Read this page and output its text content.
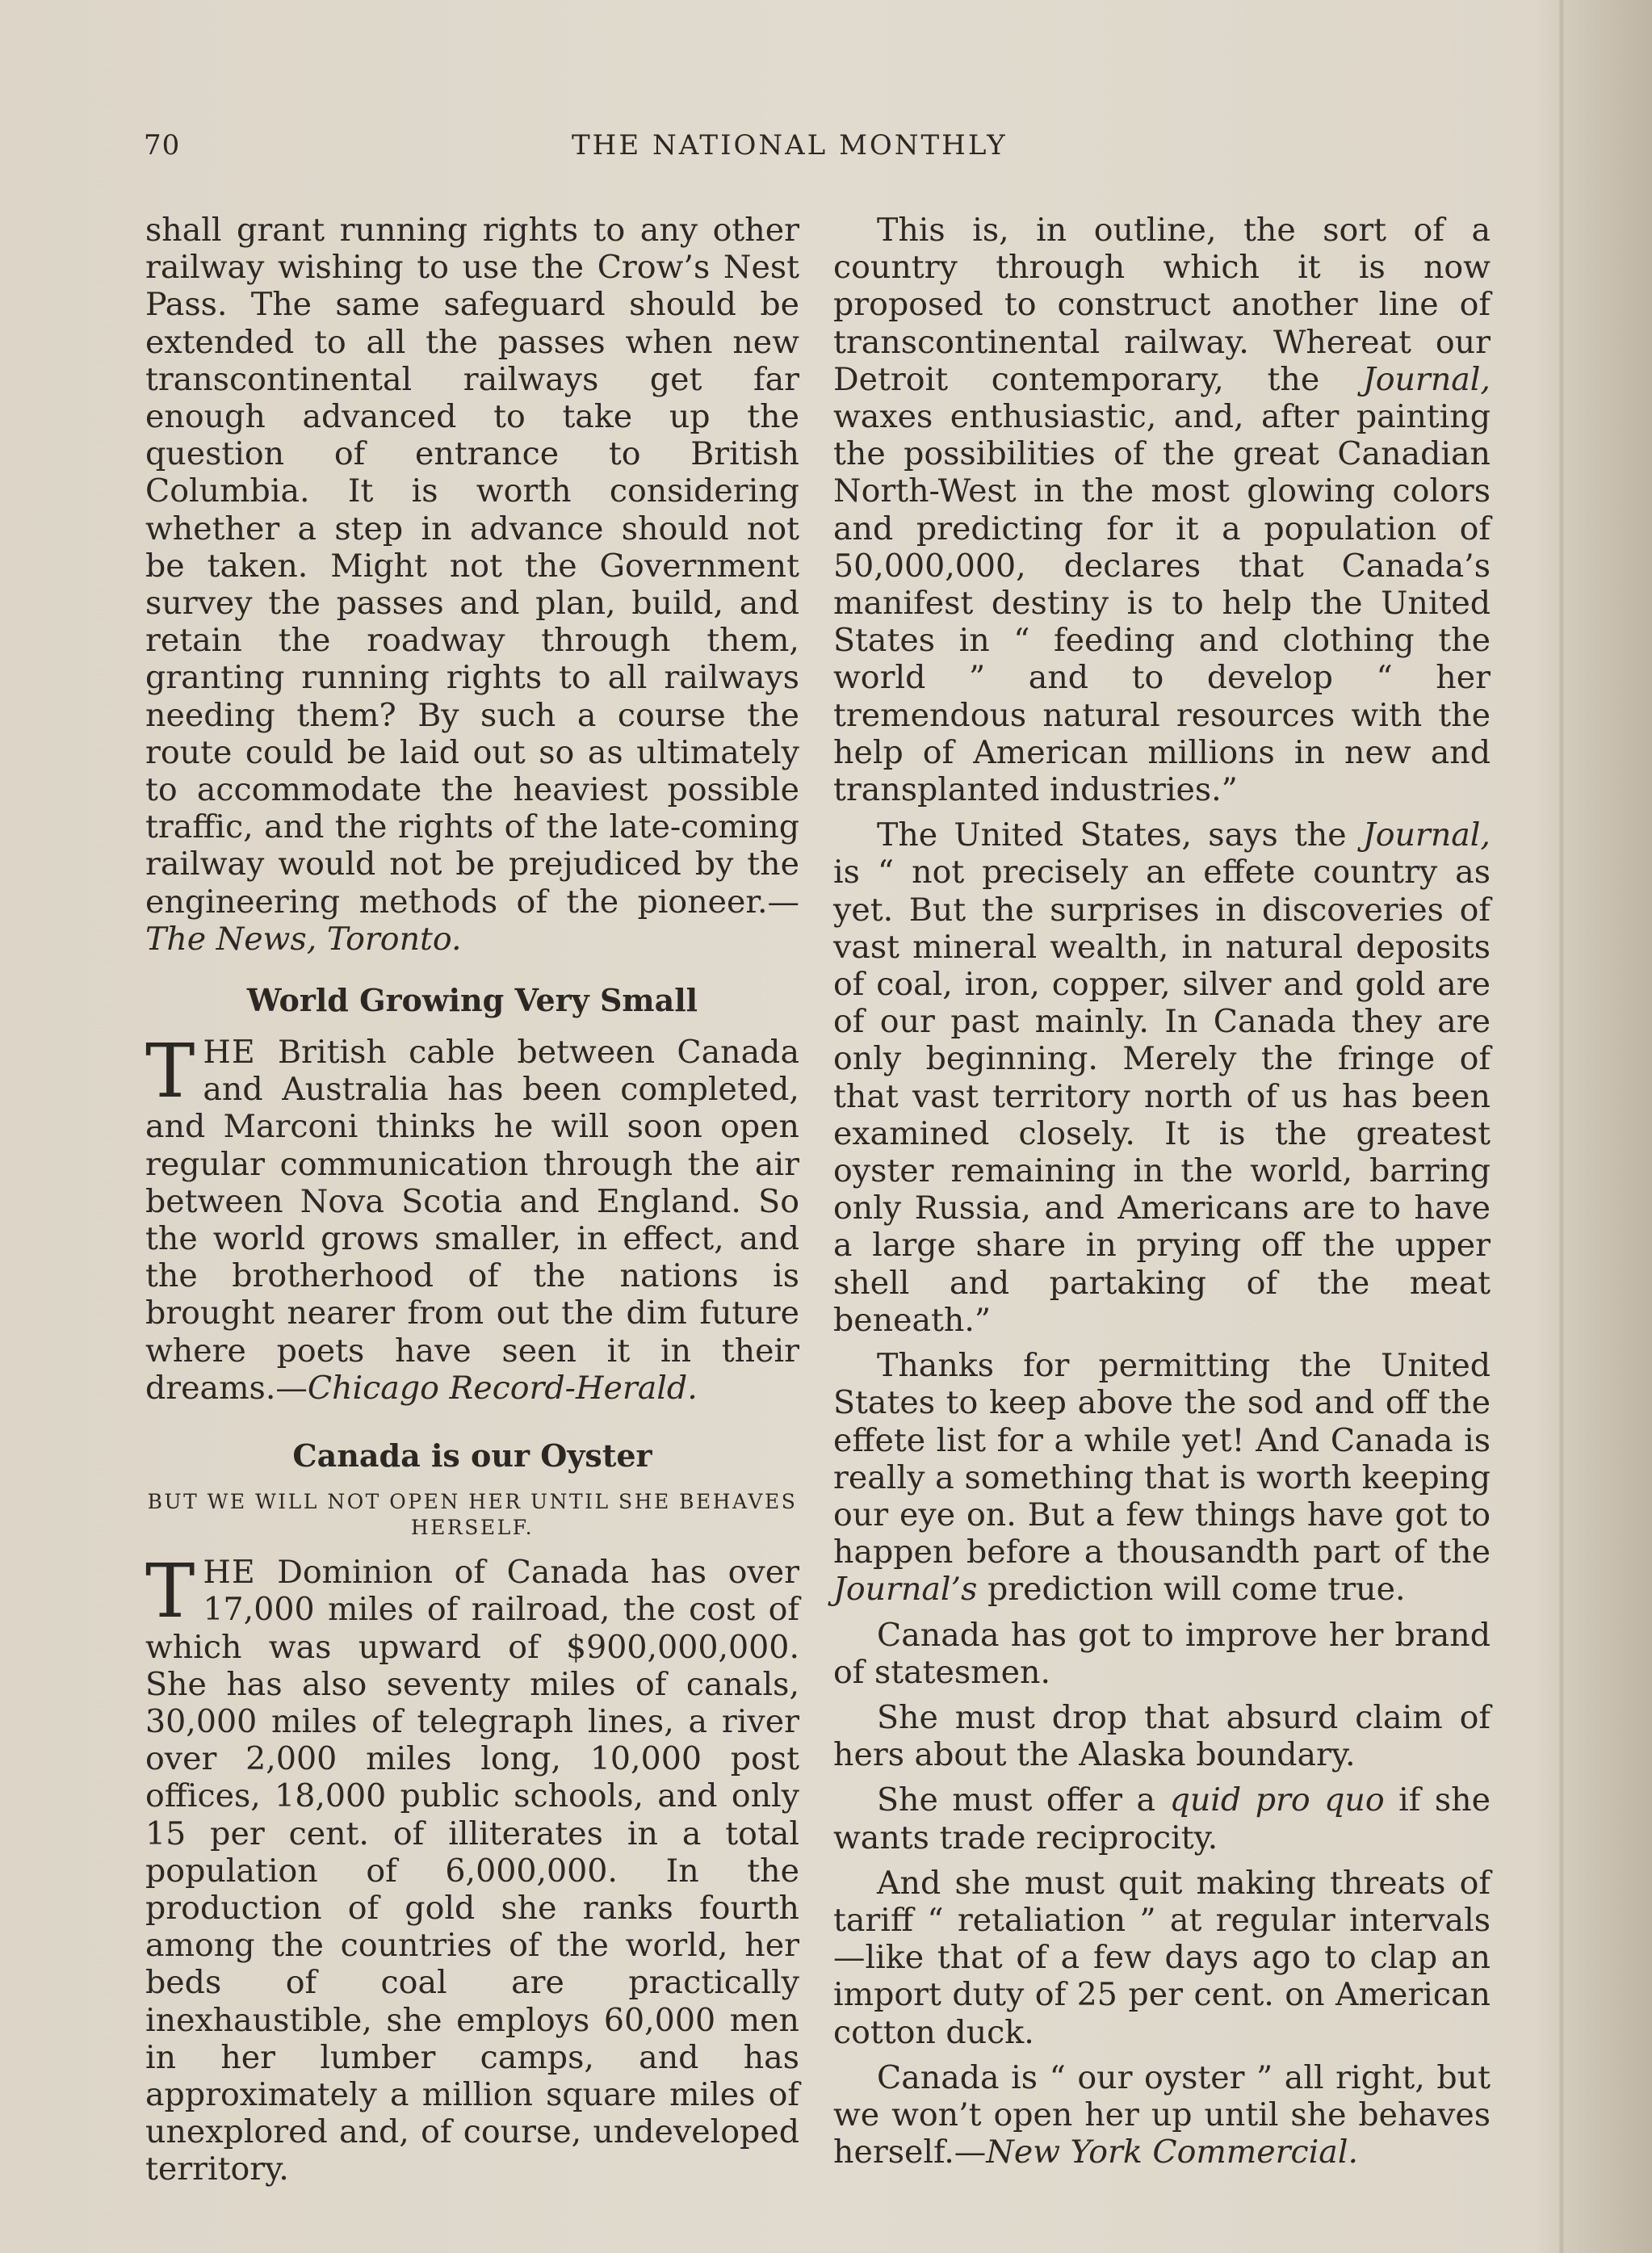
70	THE NATIONAL MONTHLY

shall grant running rights to any other railway wishing to use the Crow’s Nest Pass. The same safeguard should be extended to all the passes when new transcontinental railways get far enough advanced to take up the question of entrance to British Columbia. It is worth considering whether a step in advance should not be taken. Might not the Government survey the passes and plan, build, and retain the roadway through them, granting running rights to all railways needing them? By such a course the route could be laid out so as ultimately to accommodate the heaviest possible traffic, and the rights of the late-coming railway would not be prejudiced by the engineering methods of the pioneer.—The News, Toronto.

World Growing Very Small

THE British cable between Canada and Australia has been completed, and Marconi thinks he will soon open regular communication through the air between Nova Scotia and England. So the world grows smaller, in effect, and the brotherhood of the nations is brought nearer from out the dim future where poets have seen it in their dreams.—Chicago Record-Herald.

Canada is our Oyster
BUT WE WILL NOT OPEN HER UNTIL SHE BEHAVES HERSELF.

THE Dominion of Canada has over 17,000 miles of railroad, the cost of which was upward of $900,000,000. She has also seventy miles of canals, 30,000 miles of telegraph lines, a river over 2,000 miles long, 10,000 post offices, 18,000 public schools, and only 15 per cent. of illiterates in a total population of 6,000,000. In the production of gold she ranks fourth among the countries of the world, her beds of coal are practically inexhaustible, she employs 60,000 men in her lumber camps, and has approximately a million square miles of unexplored and, of course, undeveloped territory.

This is, in outline, the sort of a country through which it is now proposed to construct another line of transcontinental railway. Whereat our Detroit contemporary, the Journal, waxes enthusiastic, and, after painting the possibilities of the great Canadian North-West in the most glowing colors and predicting for it a population of 50,000,000, declares that Canada’s manifest destiny is to help the United States in “ feeding and clothing the world ” and to develop “ her tremendous natural resources with the help of American millions in new and transplanted industries.”

The United States, says the Journal, is “ not precisely an effete country as yet. But the surprises in discoveries of vast mineral wealth, in natural deposits of coal, iron, copper, silver and gold are of our past mainly. In Canada they are only beginning. Merely the fringe of that vast territory north of us has been examined closely. It is the greatest oyster remaining in the world, barring only Russia, and Americans are to have a large share in prying off the upper shell and partaking of the meat beneath.”

Thanks for permitting the United States to keep above the sod and off the effete list for a while yet! And Canada is really a something that is worth keeping our eye on. But a few things have got to happen before a thousandth part of the Journal’s prediction will come true.

Canada has got to improve her brand of statesmen.

She must drop that absurd claim of hers about the Alaska boundary.

She must offer a quid pro quo if she wants trade reciprocity.

And she must quit making threats of tariff “ retaliation ” at regular intervals —like that of a few days ago to clap an import duty of 25 per cent. on American cotton duck.

Canada is “ our oyster ” all right, but we won’t open her up until she behaves herself.—New York Commercial.
